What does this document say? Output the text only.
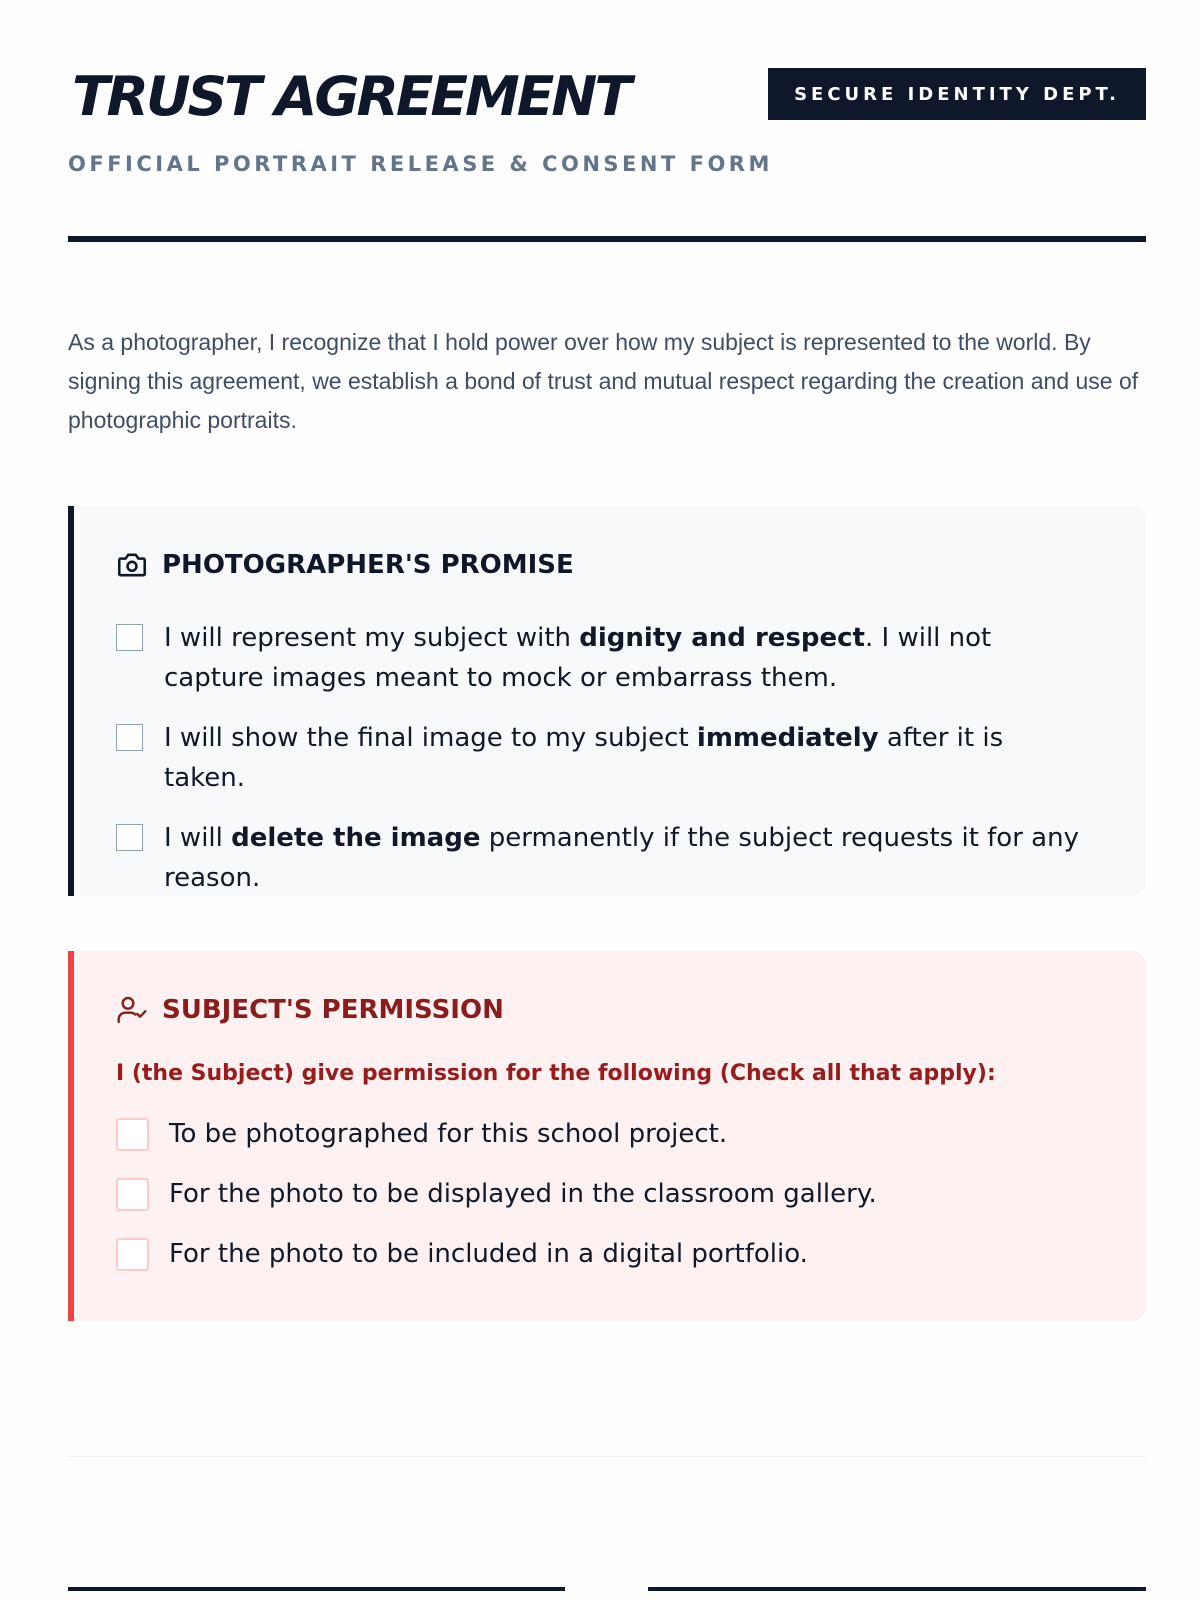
TRUST AGREEMENT
OFFICIAL PORTRAIT RELEASE & CONSENT FORM
SECURE IDENTITY DEPT.

As a photographer, I recognize that I hold power over how my subject is represented to the world. By signing this agreement, we establish a bond of trust and mutual respect regarding the creation and use of photographic portraits.

PHOTOGRAPHER'S PROMISE
I will represent my subject with dignity and respect. I will not capture images meant to mock or embarrass them.
I will show the final image to my subject immediately after it is taken.
I will delete the image permanently if the subject requests it for any reason.
SUBJECT'S PERMISSION
I (the Subject) give permission for the following (Check all that apply):
To be photographed for this school project.
For the photo to be displayed in the classroom gallery.
For the photo to be included in a digital portfolio.
